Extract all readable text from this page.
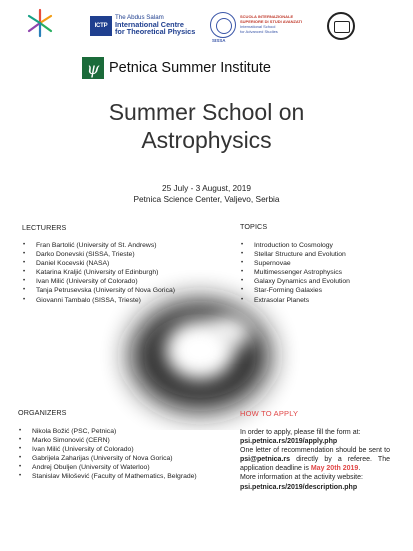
ICTP
The Abdus Salam
International Centre
for Theoretical Physics
SISSA
SCUOLA INTERNAZIONALE
SUPERIORE DI STUDI AVANZATI
International School
for Advanced Studies
ψ Petnica Summer Institute
Summer School on
Astrophysics
25 July - 3 August, 2019
Petnica Science Center, Valjevo, Serbia
LECTURERS
• Fran Bartolić (University of St. Andrews)
• Darko Donevski (SISSA, Trieste)
• Daniel Kocevski (NASA)
• Katarina Kraljić (University of Edinburgh)
• Ivan Milić (University of Colorado)
• Tanja Petrusevska (University of Nova Gorica)
• Giovanni Tambalo (SISSA, Trieste)
TOPICS
• Introduction to Cosmology
• Stellar Structure and Evolution
• Supernovae
• Multimessenger Astrophysics
• Galaxy Dynamics and Evolution
• Star-Forming Galaxies
• Extrasolar Planets
ORGANIZERS
• Nikola Božić (PSC, Petnica)
• Marko Simonović (CERN)
• Ivan Milić (University of Colorado)
• Gabrijela Zaharijas (University of Nova Gorica)
• Andrej Obuljen (University of Waterloo)
• Stanislav Milošević (Faculty of Mathematics, Belgrade)
HOW TO APPLY
In order to apply, please fill the form at:
psi.petnica.rs/2019/apply.php
One letter of recommendation should be sent to psi@petnica.rs directly by a referee. The application deadline is May 20th 2019.
More information at the activity website:
psi.petnica.rs/2019/description.php
